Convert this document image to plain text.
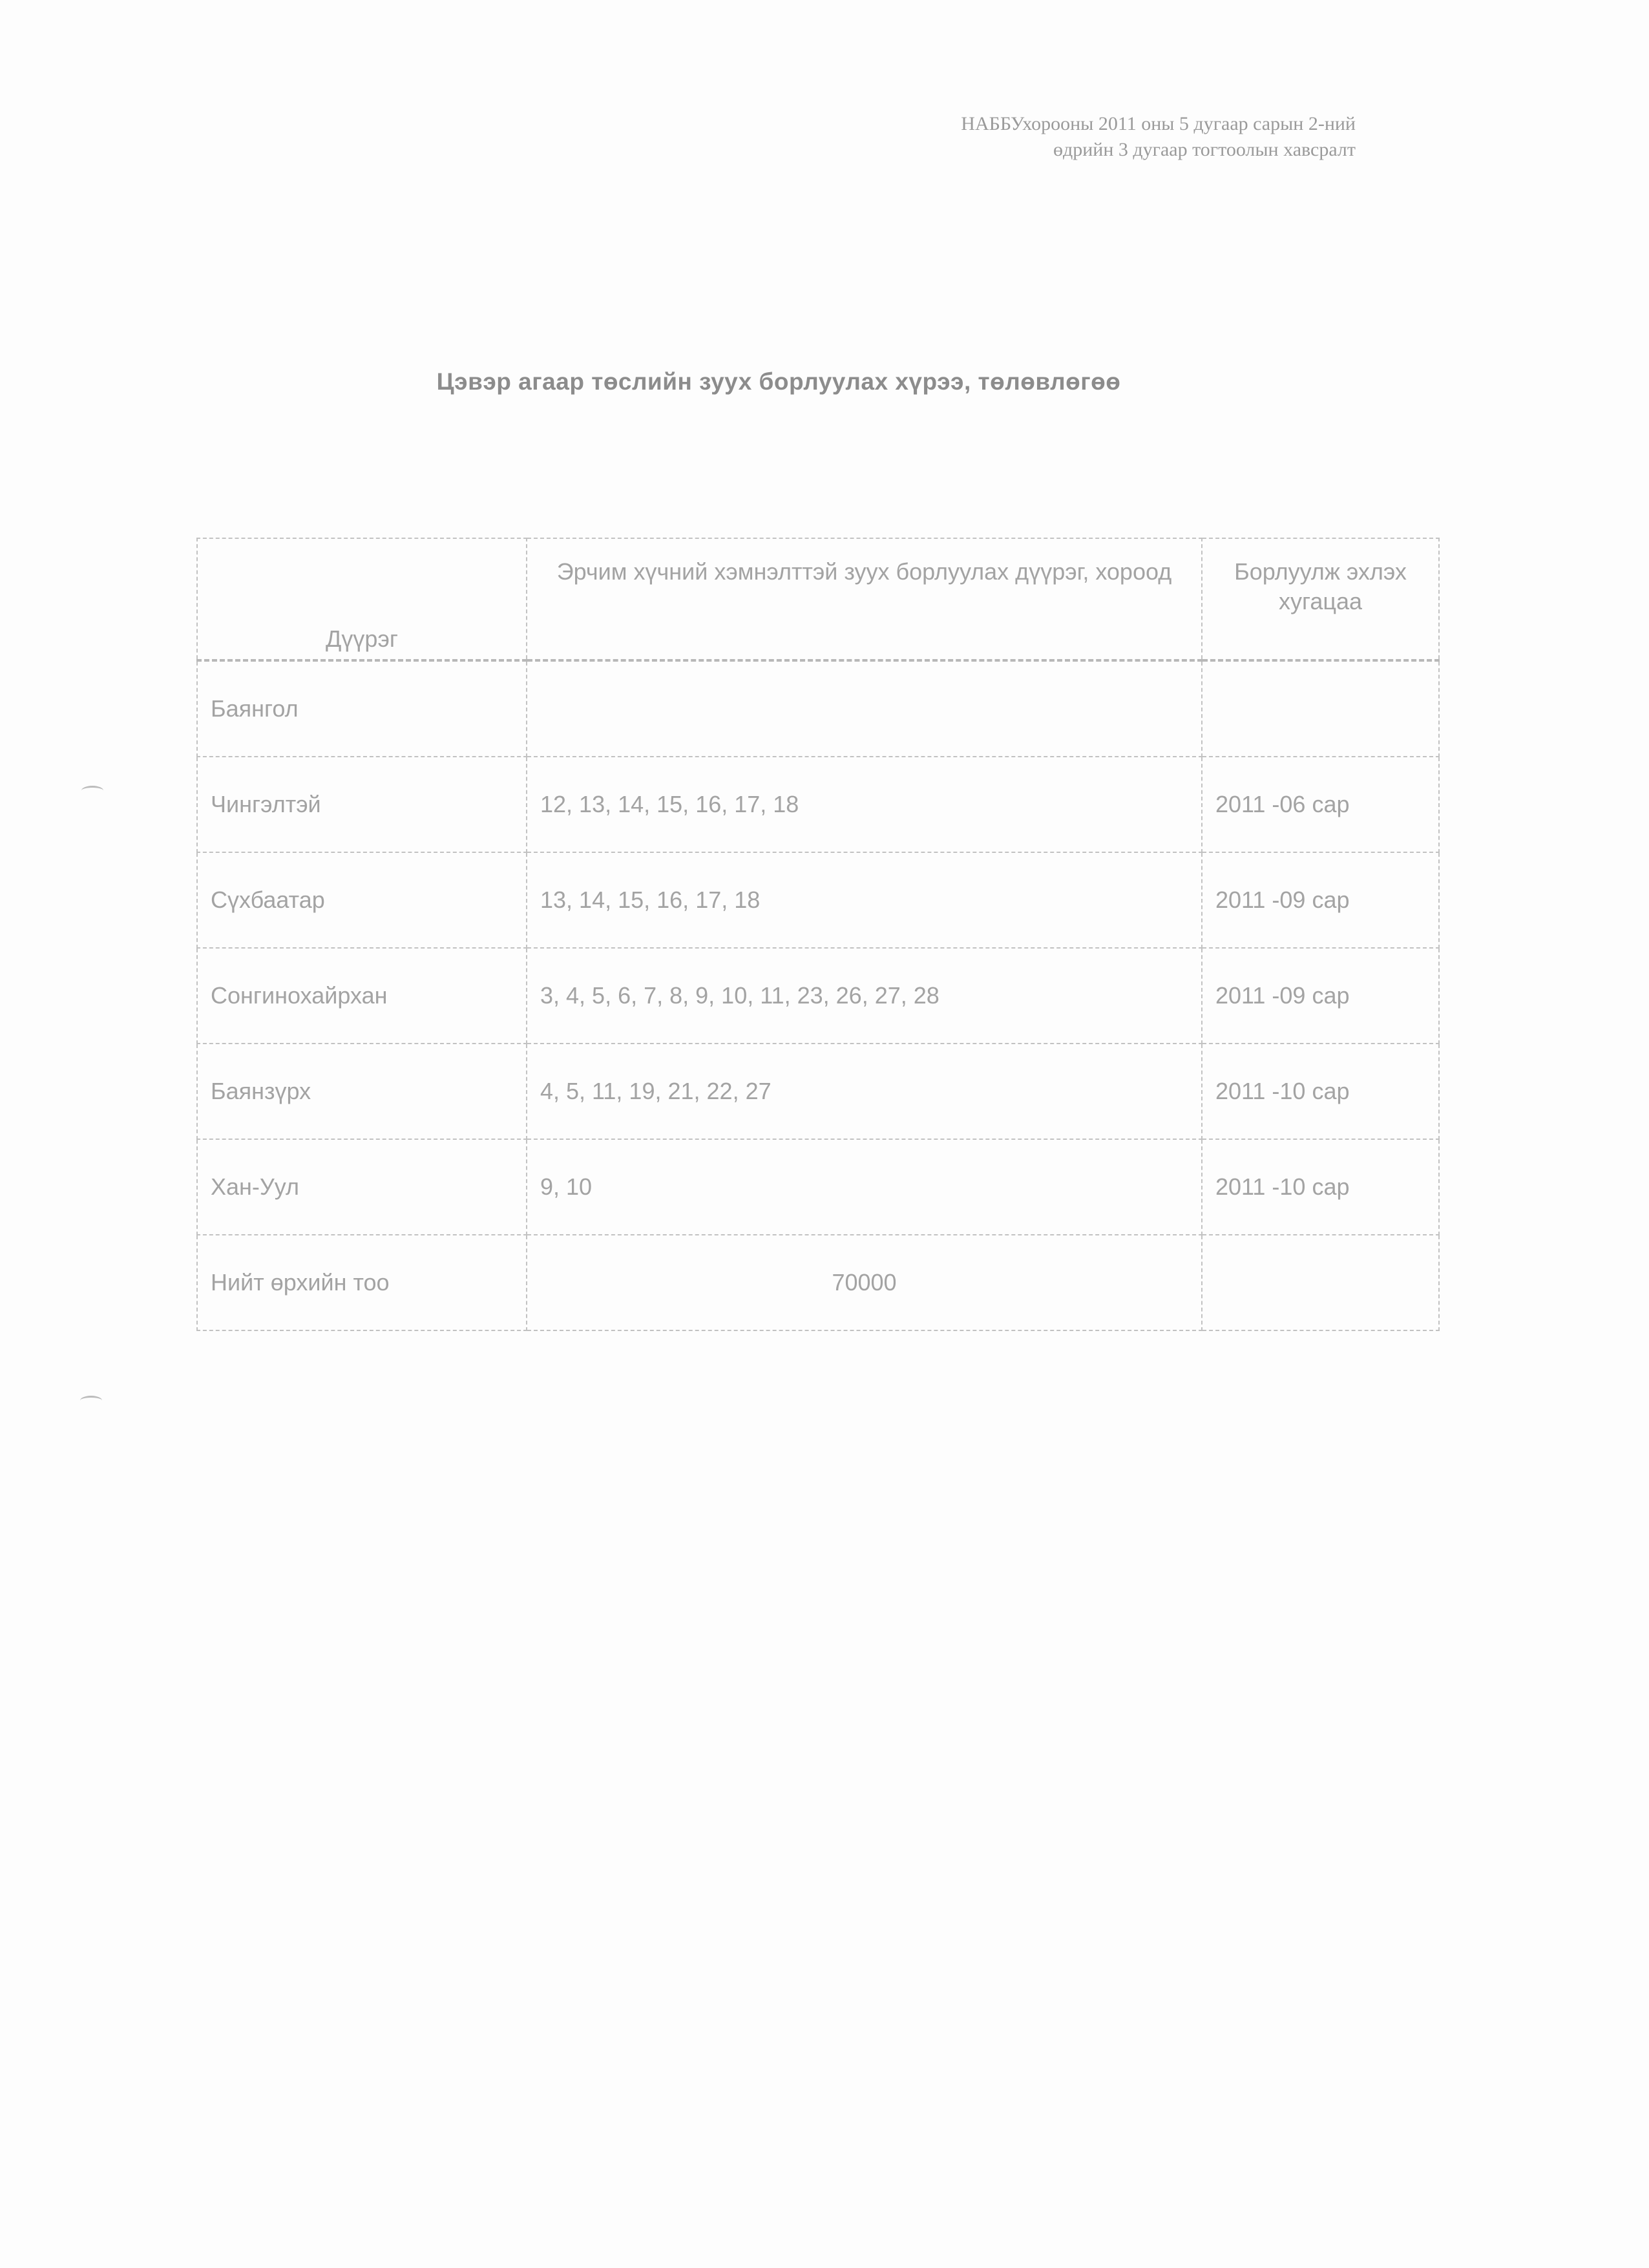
НАББУхорооны 2011 оны 5 дугаар сарын 2-ний
өдрийн 3 дугаар тогтоолын хавсралт
Цэвэр агаар төслийн зуух борлуулах хүрээ, төлөвлөгөө
Дүүрэг	Эрчим хүчний хэмнэлттэй зуух борлуулах дүүрэг, хороод	Борлуулж эхлэх хугацаа
Баянгол		
Чингэлтэй	12, 13, 14, 15, 16, 17, 18	2011 -06 сар
Сүхбаатар	13, 14, 15, 16, 17, 18	2011 -09 сар
Сонгинохайрхан	3, 4, 5, 6, 7, 8, 9, 10, 11, 23, 26, 27, 28	2011 -09 сар
Баянзүрх	4, 5, 11, 19, 21, 22, 27	2011 -10 сар
Хан-Уул	9, 10	2011 -10 сар
Нийт өрхийн тоо	70000	
